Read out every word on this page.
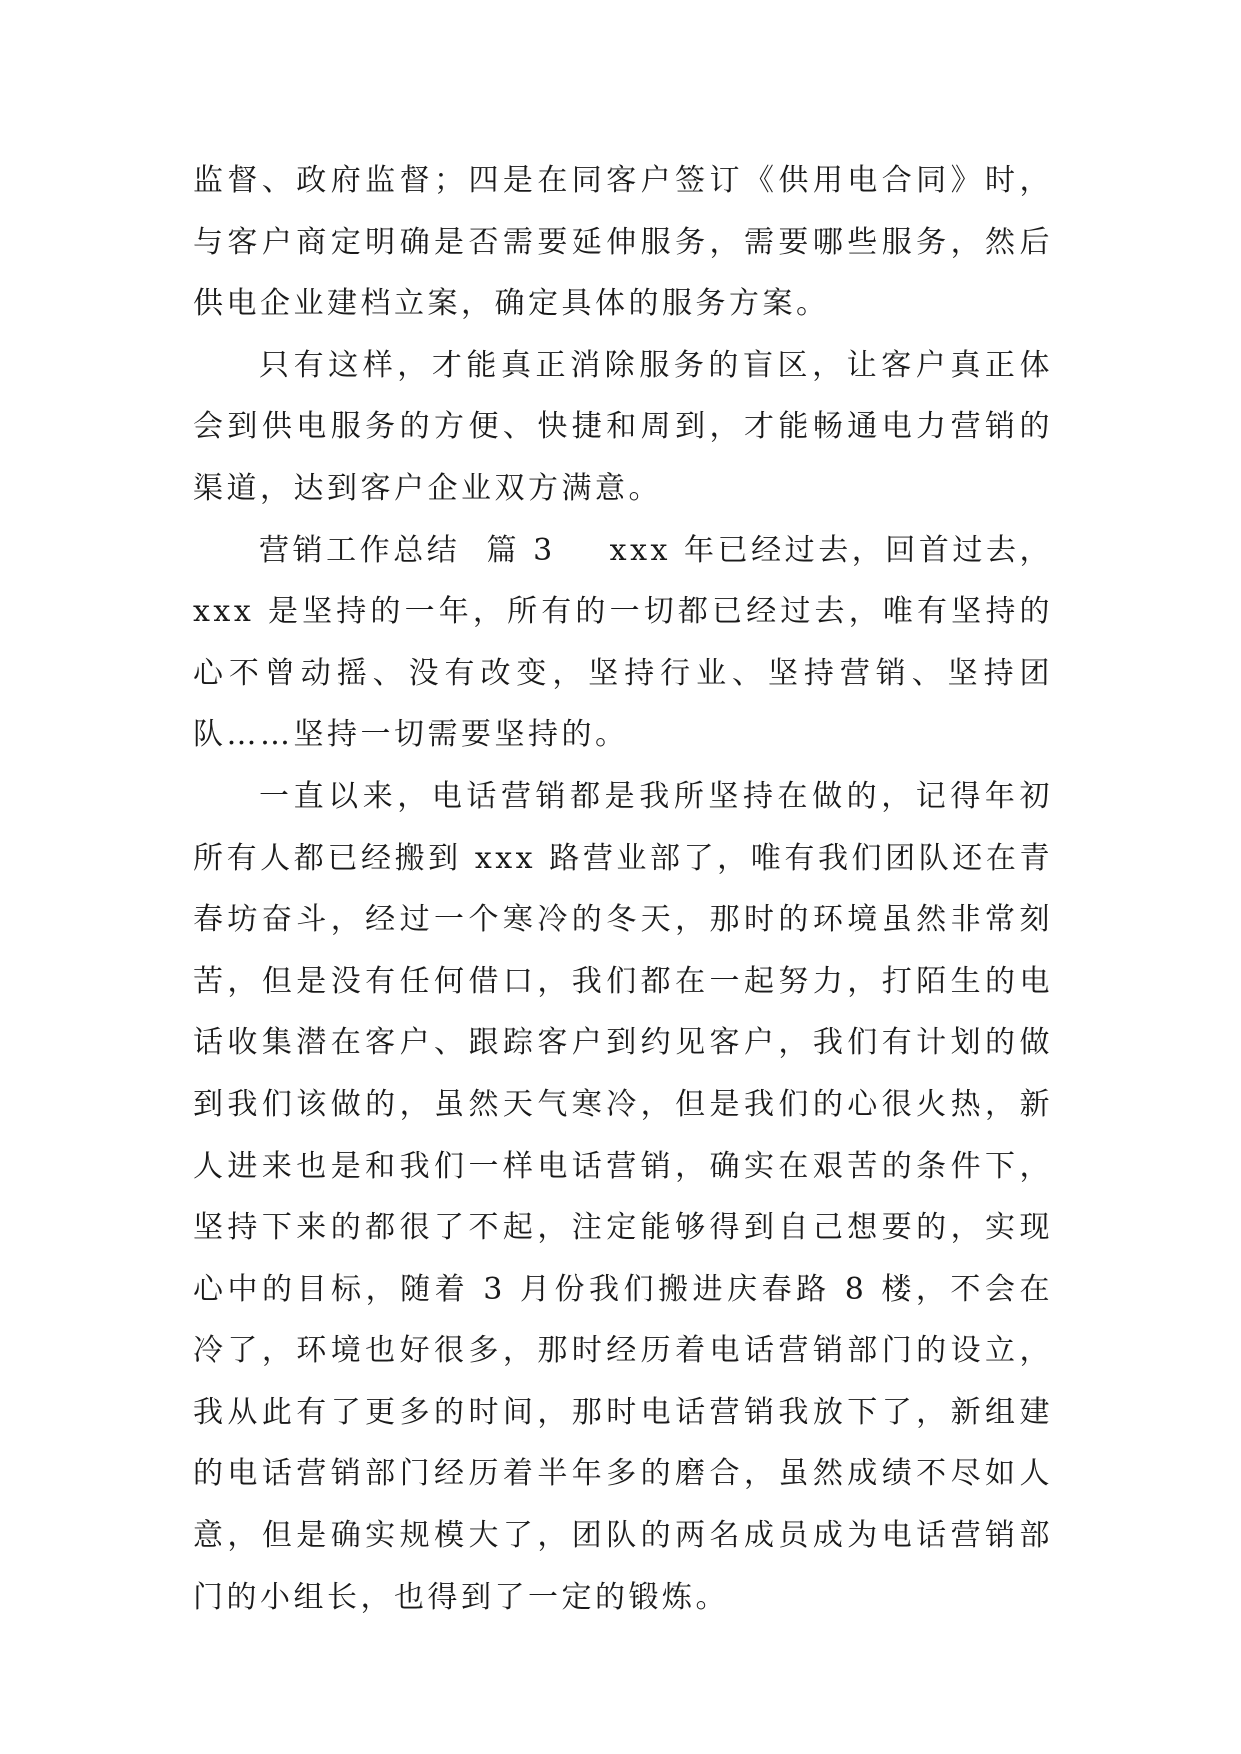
监督、政府监督；四是在同客户签订《供用电合同》时，与客户商定明确是否需要延伸服务，需要哪些服务，然后供电企业建档立案，确定具体的服务方案。

只有这样，才能真正消除服务的盲区，让客户真正体会到供电服务的方便、快捷和周到，才能畅通电力营销的渠道，达到客户企业双方满意。

营销工作总结  篇 3 xxx 年已经过去，回首过去，xxx 是坚持的一年，所有的一切都已经过去，唯有坚持的心不曾动摇、没有改变，坚持行业、坚持营销、坚持团队……坚持一切需要坚持的。

一直以来，电话营销都是我所坚持在做的，记得年初所有人都已经搬到 xxx 路营业部了，唯有我们团队还在青春坊奋斗，经过一个寒冷的冬天，那时的环境虽然非常刻苦，但是没有任何借口，我们都在一起努力，打陌生的电话收集潜在客户、跟踪客户到约见客户，我们有计划的做到我们该做的，虽然天气寒冷，但是我们的心很火热，新人进来也是和我们一样电话营销，确实在艰苦的条件下，坚持下来的都很了不起，注定能够得到自己想要的，实现心中的目标，随着 3 月份我们搬进庆春路 8 楼，不会在冷了，环境也好很多，那时经历着电话营销部门的设立，我从此有了更多的时间，那时电话营销我放下了，新组建的电话营销部门经历着半年多的磨合，虽然成绩不尽如人意，但是确实规模大了，团队的两名成员成为电话营销部门的小组长，也得到了一定的锻炼。
